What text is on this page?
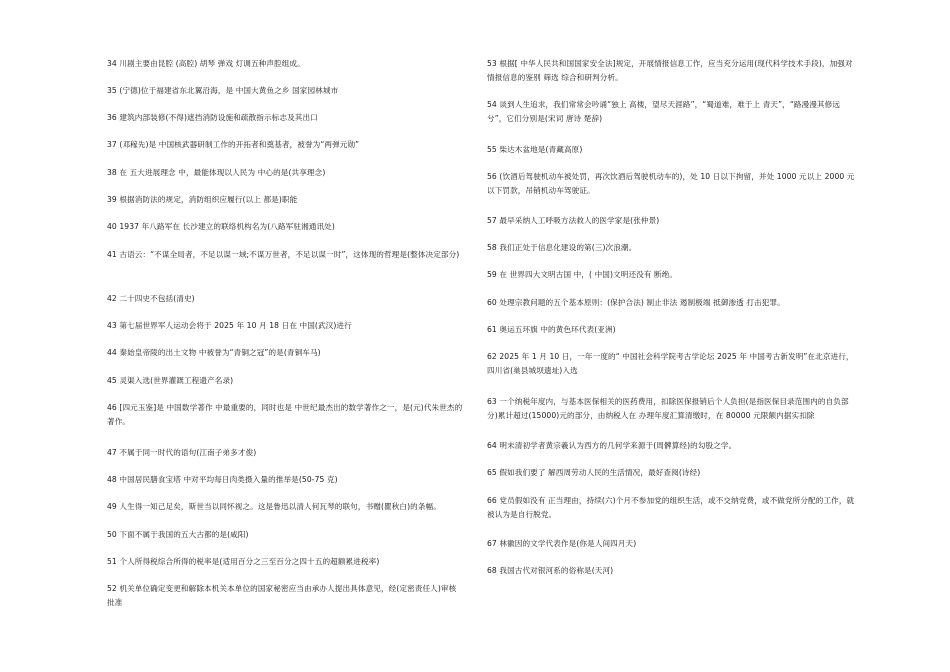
34 川剧主要由昆腔 (高腔) 胡琴 弹戏 灯调五种声腔组成。
35 (宁德)位于福建省东北翼沿海，是 中国大黄鱼之乡 国家园林城市
36 建筑内部装修(不得)遮挡消防设施和疏散指示标志及其出口
37 (邓稼先)是 中国核武器研制工作的开拓者和奠基者，被誉为“两弹元勋”
38 在 五大进展理念 中，最能体现以人民为 中心的是(共享理念)
39 根据消防法的规定，消防组织应履行(以上 都是)职能
40 1937 年八路军在 长沙建立的联络机构名为(八路军驻湘通讯处)
41 古语云：“不谋全局者，不足以谋一域;不谋万世者，不足以谋一时”，这体现的哲理是(整体决定部分)
42 二十四史不包括(清史)
43 第七届世界军人运动会将于 2025 年 10 月 18 日在 中国(武汉)进行
44 秦始皇帝陵的出土文物 中被誉为“青铜之冠”的是(青铜车马)
45 灵渠入选(世界灌溉工程遗产名录)
46 [四元玉鉴]是 中国数学著作 中最重要的，同时也是 中世纪最杰出的数学著作之一，是(元)代朱世杰的著作。
47 不属于同一时代的语句(江南子弟多才俊)
48 中国居民膳食宝塔 中对平均每日肉类摄入量的推举是(50-75 克)
49 人生得一知己足矣，斯世当以同怀视之。这是鲁迅以清人何瓦琴的联句，书赠(瞿秋白)的条幅。
50 下面不属于我国的五大古都的是(咸阳)
51 个人所得税综合所得的税率是(适用百分之三至百分之四十五的超额累进税率)
52 机关单位确定变更和解除本机关本单位的国家秘密应当由承办人提出具体意见，经(定密责任人)审核批准
53 根据[ 中华人民共和国国家安全法]规定，开展情报信息工作，应当充分运用(现代科学技术手段)，加强对情报信息的鉴别 筛选 综合和研判分析。
54 谈到人生追求，我们常常会吟诵“独上 高楼，望尽天涯路”，“蜀道难，难于上 青天”，“路漫漫其修远兮”，它们分别是(宋词 唐诗 楚辞)
55 柴达木盆地是(青藏高原)
56 (饮酒后驾驶机动车被处罚，再次饮酒后驾驶机动车的)，处 10 日以下拘留，并处 1000 元以上 2000 元以下罚款，吊销机动车驾驶证。
57 最早采纳人工呼吸方法救人的医学家是(张仲景)
58 我们正处于信息化建设的第(三)次浪潮。
59 在 世界四大文明古国 中，( 中国)文明还没有 断绝。
60 处理宗教问题的五个基本原则：(保护合法) 制止非法 遏制极端 抵御渗透 打击犯罪。
61 奥运五环旗 中的黄色环代表(亚洲)
62 2025 年 1 月 10 日，一年一度的“ 中国社会科学院考古学论坛 2025 年 中国考古新发明”在北京进行，四川省(巢县城坝遗址)入选
63 一个纳税年度内，与基本医保相关的医药费用，扣除医保报销后个人负担(是指医保目录范围内的自负部分)累计超过(15000)元的部分，由纳税人在 办理年度汇算清缴时，在 80000 元限额内据实扣除
64 明末清初学者黄宗羲认为西方的几何学来源于(周髀算经)的勾股之学。
65 假如我们要了 解西周劳动人民的生活情况，最好查阅(诗经)
66 党员假如没有 正当理由，持续(六)个月不参加党的组织生活，或不交纳党费，或不做党所分配的工作，就被认为是自行脱党。
67 林徽因的文学代表作是(你是人间四月天)
68 我国古代对银河系的俗称是(天河)
